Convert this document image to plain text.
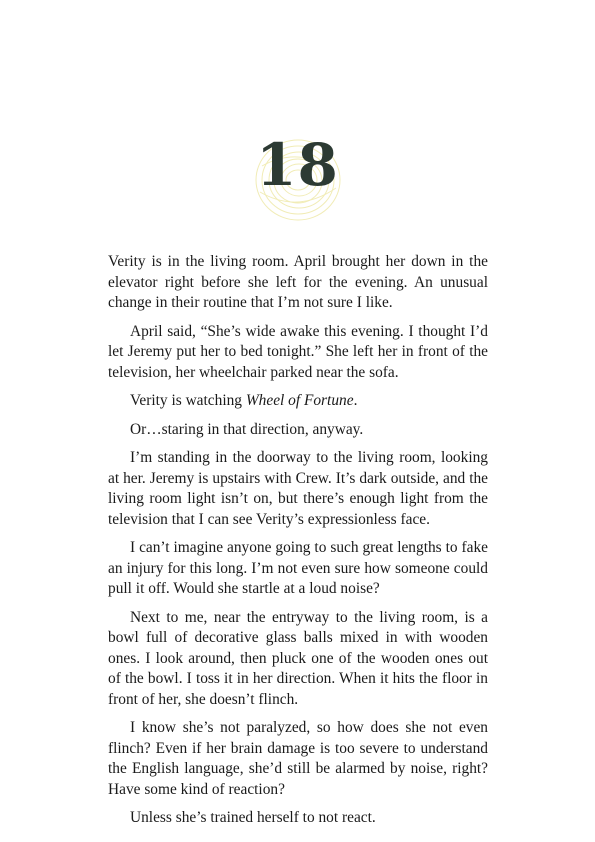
18

Verity is in the living room. April brought her down in the elevator right before she left for the evening. An unusual change in their routine that I’m not sure I like.

April said, “She’s wide awake this evening. I thought I’d let Jeremy put her to bed tonight.” She left her in front of the television, her wheelchair parked near the sofa.

Verity is watching Wheel of Fortune.

Or…staring in that direction, anyway.

I’m standing in the doorway to the living room, looking at her. Jeremy is upstairs with Crew. It’s dark outside, and the living room light isn’t on, but there’s enough light from the television that I can see Verity’s expressionless face.

I can’t imagine anyone going to such great lengths to fake an injury for this long. I’m not even sure how someone could pull it off. Would she startle at a loud noise?

Next to me, near the entryway to the living room, is a bowl full of decorative glass balls mixed in with wooden ones. I look around, then pluck one of the wooden ones out of the bowl. I toss it in her direction. When it hits the floor in front of her, she doesn’t flinch.

I know she’s not paralyzed, so how does she not even flinch? Even if her brain damage is too severe to understand the English language, she’d still be alarmed by noise, right? Have some kind of reaction?

Unless she’s trained herself to not react.
